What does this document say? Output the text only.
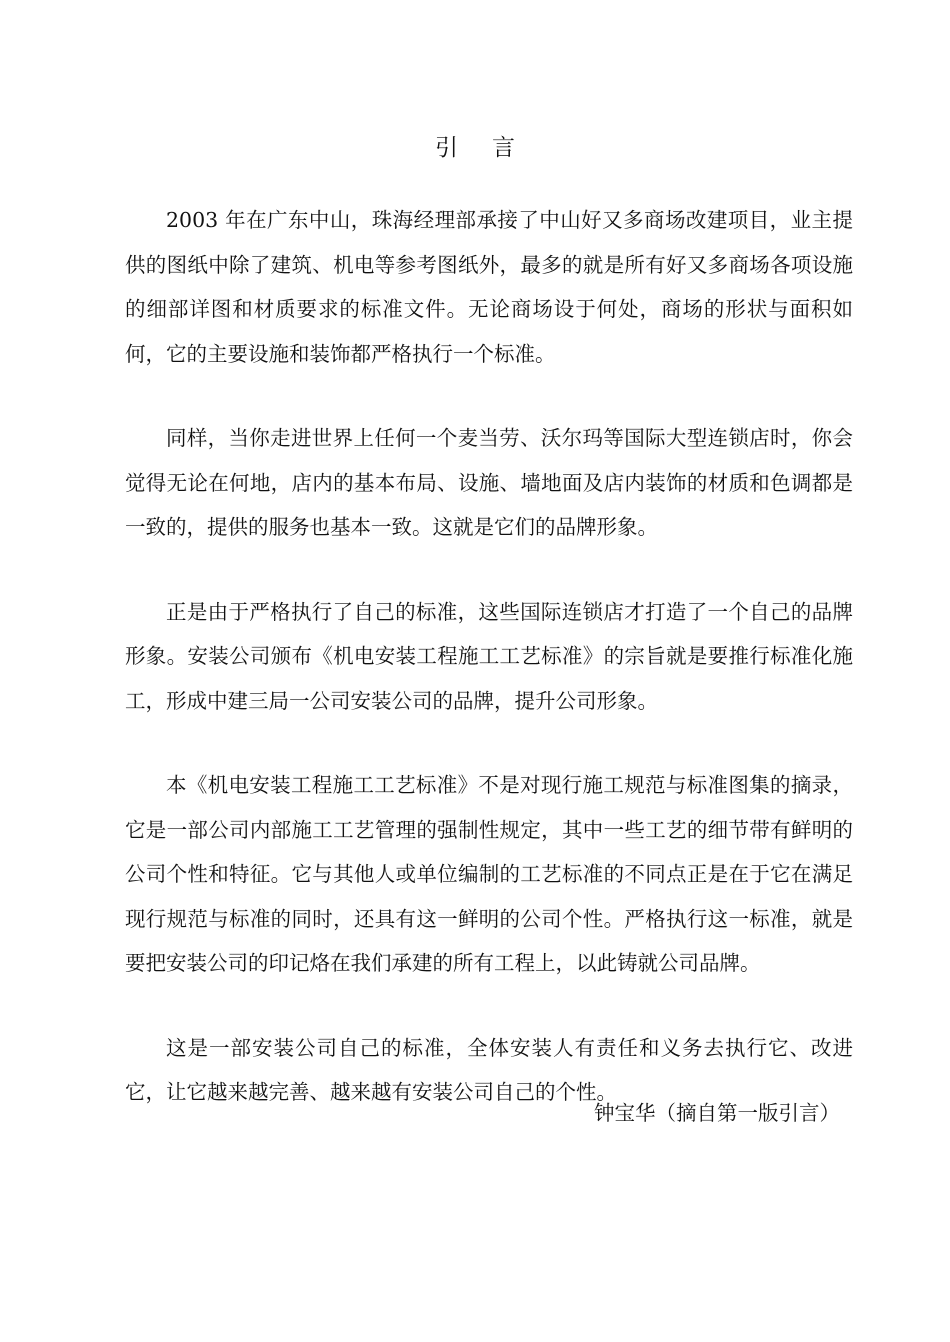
引言

2003 年在广东中山，珠海经理部承接了中山好又多商场改建项目，业主提供的图纸中除了建筑、机电等参考图纸外，最多的就是所有好又多商场各项设施的细部详图和材质要求的标准文件。无论商场设于何处，商场的形状与面积如何，它的主要设施和装饰都严格执行一个标准。

同样，当你走进世界上任何一个麦当劳、沃尔玛等国际大型连锁店时，你会觉得无论在何地，店内的基本布局、设施、墙地面及店内装饰的材质和色调都是一致的，提供的服务也基本一致。这就是它们的品牌形象。

正是由于严格执行了自己的标准，这些国际连锁店才打造了一个自己的品牌形象。安装公司颁布《机电安装工程施工工艺标准》的宗旨就是要推行标准化施工，形成中建三局一公司安装公司的品牌，提升公司形象。

本《机电安装工程施工工艺标准》不是对现行施工规范与标准图集的摘录，它是一部公司内部施工工艺管理的强制性规定，其中一些工艺的细节带有鲜明的公司个性和特征。它与其他人或单位编制的工艺标准的不同点正是在于它在满足现行规范与标准的同时，还具有这一鲜明的公司个性。严格执行这一标准，就是要把安装公司的印记烙在我们承建的所有工程上，以此铸就公司品牌。

这是一部安装公司自己的标准，全体安装人有责任和义务去执行它、改进它，让它越来越完善、越来越有安装公司自己的个性。

钟宝华（摘自第一版引言）
